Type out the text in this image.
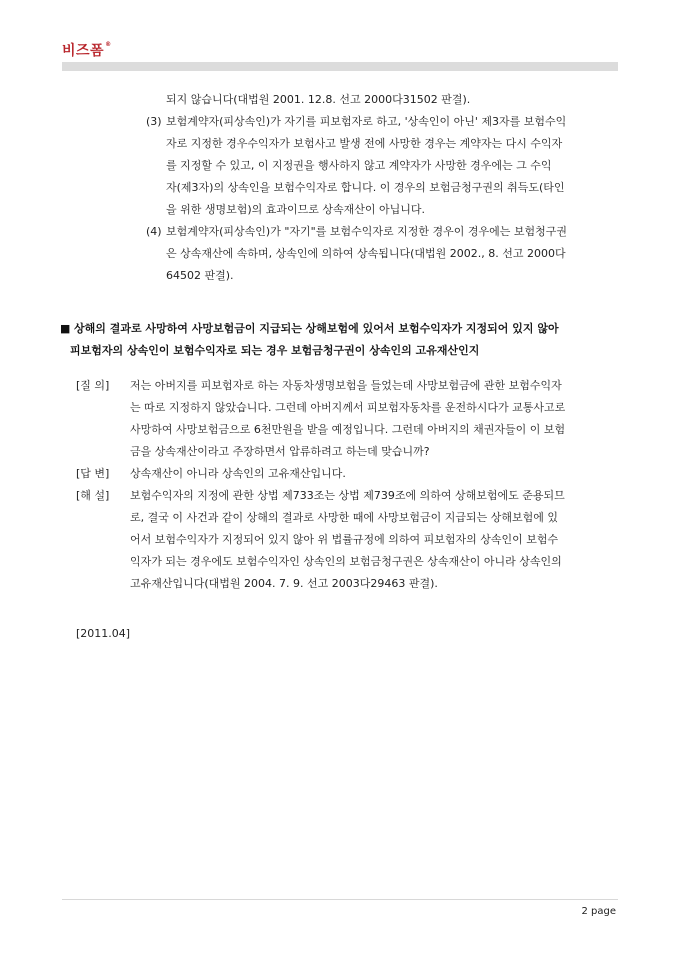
비즈폼®
되지 않습니다(대법원 2001. 12.8. 선고 2000다31502 판결).
(3) 보험계약자(피상속인)가 자기를 피보험자로 하고, '상속인이 아닌' 제3자를 보험수익
자로 지정한 경우수익자가 보험사고 발생 전에 사망한 경우는 계약자는 다시 수익자
를 지정할 수 있고, 이 지정권을 행사하지 않고 계약자가 사망한 경우에는 그 수익
자(제3자)의 상속인을 보험수익자로 합니다. 이 경우의 보험금청구권의 취득도(타인
을 위한 생명보험)의 효과이므로 상속재산이 아닙니다.
(4) 보험계약자(피상속인)가 "자기"를 보험수익자로 지정한 경우이 경우에는 보험청구권
은 상속재산에 속하며, 상속인에 의하여 상속됩니다(대법원 2002., 8. 선고 2000다
64502 판결).
■ 상해의 결과로 사망하여 사망보험금이 지급되는 상해보험에 있어서 보험수익자가 지정되어 있지 않아
피보험자의 상속인이 보험수익자로 되는 경우 보험금청구권이 상속인의 고유재산인지
[질 의] 저는 아버지를 피보험자로 하는 자동차생명보험을 들었는데 사망보험금에 관한 보험수익자
는 따로 지정하지 않았습니다. 그런데 아버지께서 피보험자동차를 운전하시다가 교통사고로
사망하여 사망보험금으로 6천만원을 받을 예정입니다. 그런데 아버지의 채권자들이 이 보험
금을 상속재산이라고 주장하면서 압류하려고 하는데 맞습니까?
[답 변] 상속재산이 아니라 상속인의 고유재산입니다.
[해 설] 보험수익자의 지정에 관한 상법 제733조는 상법 제739조에 의하여 상해보험에도 준용되므
로, 결국 이 사건과 같이 상해의 결과로 사망한 때에 사망보험금이 지급되는 상해보험에 있
어서 보험수익자가 지정되어 있지 않아 위 법률규정에 의하여 피보험자의 상속인이 보험수
익자가 되는 경우에도 보험수익자인 상속인의 보험금청구권은 상속재산이 아니라 상속인의
고유재산입니다(대법원 2004. 7. 9. 선고 2003다29463 판결).
[2011.04]
2 page
